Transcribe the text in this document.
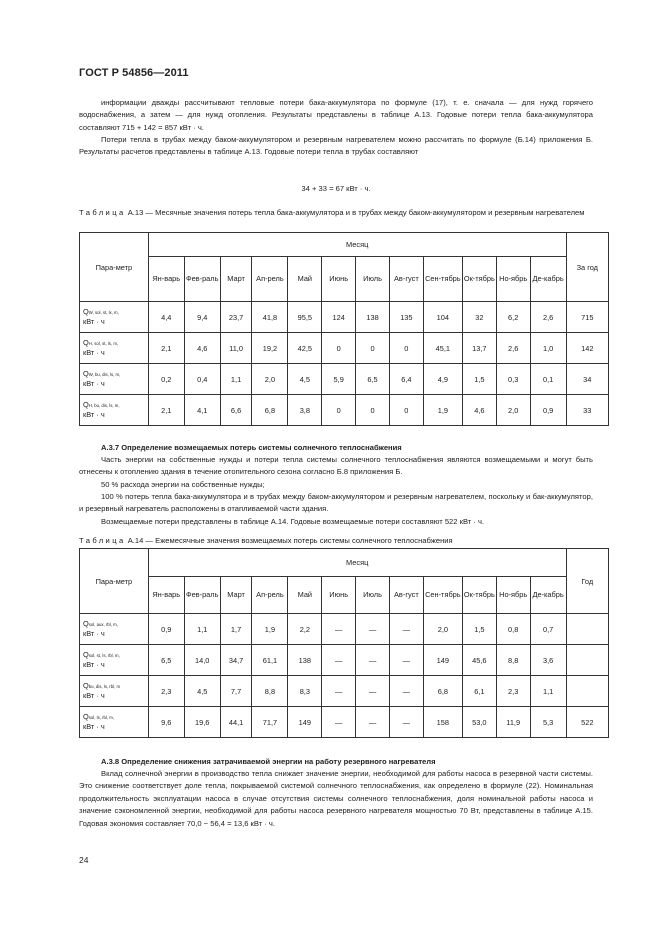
ГОСТ Р 54856—2011
информации дважды рассчитывают тепловые потери бака-аккумулятора по формуле (17), т. е. сначала — для нужд горячего водоснабжения, а затем — для нужд отопления. Результаты представлены в таблице А.13. Годовые потери тепла бака-аккумулятора составляют 715 + 142 = 857 кВт · ч.
Потери тепла в трубах между баком-аккумулятором и резервным нагревателем можно рассчитать по формуле (Б.14) приложения Б. Результаты расчетов представлены в таблице А.13. Годовые потери тепла в трубах составляют
34 + 33 = 67 кВт · ч.
Таблица А.13 — Месячные значения потерь тепла бака-аккумулятора и в трубах между баком-аккумулятором и резервным нагревателем
Пара-метр	Месяц												За год
	Ян-варь	Фев-раль	Март	Ап-рель	Май	Июнь	Июль	Ав-густ	Сен-тябрь	Ок-тябрь	Но-ябрь	Де-кабрь	
QW, sol, st, lx, m,
кВт · ч	4,4	9,4	23,7	41,8	95,5	124	138	135	104	32	6,2	2,6	715
QH, sol, st, ls, m,
кВт · ч	2,1	4,6	11,0	19,2	42,5	0	0	0	45,1	13,7	2,6	1,0	142
QW, bu, dis, ls, m,
кВт · ч	0,2	0,4	1,1	2,0	4,5	5,9	6,5	6,4	4,9	1,5	0,3	0,1	34
QH, bu, dis, ls, m,
кВт · ч	2,1	4,1	6,6	6,8	3,8	0	0	0	1,9	4,6	2,0	0,9	33
А.3.7 Определение возмещаемых потерь системы солнечного теплоснабжения
Часть энергии на собственные нужды и потери тепла системы солнечного теплоснабжения являются возмещаемыми и могут быть отнесены к отоплению здания в течение отопительного сезона согласно Б.8 приложения Б.
50 % расхода энергии на собственные нужды;
100 % потерь тепла бака-аккумулятора и в трубах между баком-аккумулятором и резервным нагревателем, поскольку и бак-аккумулятор, и резервный нагреватель расположены в отапливаемой части здания.
Возмещаемые потери представлены в таблице А.14. Годовые возмещаемые потери составляют 522 кВт · ч.
Таблица А.14 — Ежемесячные значения возмещаемых потерь системы солнечного теплоснабжения
Пара-метр	Месяц												Год
	Ян-варь	Фев-раль	Март	Ап-рель	Май	Июнь	Июль	Ав-густ	Сен-тябрь	Ок-тябрь	Но-ябрь	Де-кабрь	
Qsol, aux, rbl, m,
кВт · ч	0,9	1,1	1,7	1,9	2,2	—	—	—	2,0	1,5	0,8	0,7	
Qsol, st, ls, rbl, m,
кВт · ч	6,5	14,0	34,7	61,1	138	—	—	—	149	45,6	8,8	3,6	
Qbu, dis, ls, rbl, m
кВт · ч	2,3	4,5	7,7	8,8	8,3	—	—	—	6,8	6,1	2,3	1,1	
Qsol, ls, rbl, m,
кВт · ч	9,6	19,6	44,1	71,7	149	—	—	—	158	53,0	11,9	5,3	522
А.3.8 Определение снижения затрачиваемой энергии на работу резервного нагревателя
Вклад солнечной энергии в производство тепла снижает значение энергии, необходимой для работы насоса в резервной части системы. Это снижение соответствует доле тепла, покрываемой системой солнечного теплоснабжения, как определено в формуле (22). Номинальная продолжительность эксплуатации насоса в случае отсутствия системы солнечного теплоснабжения, доля номинальной работы насоса и значение сэкономленной энергии, необходимой для работы насоса резервного нагревателя мощностью 70 Вт, представлены в таблице А.15. Годовая экономия составляет 70,0 − 56,4 = 13,6 кВт · ч.
24
